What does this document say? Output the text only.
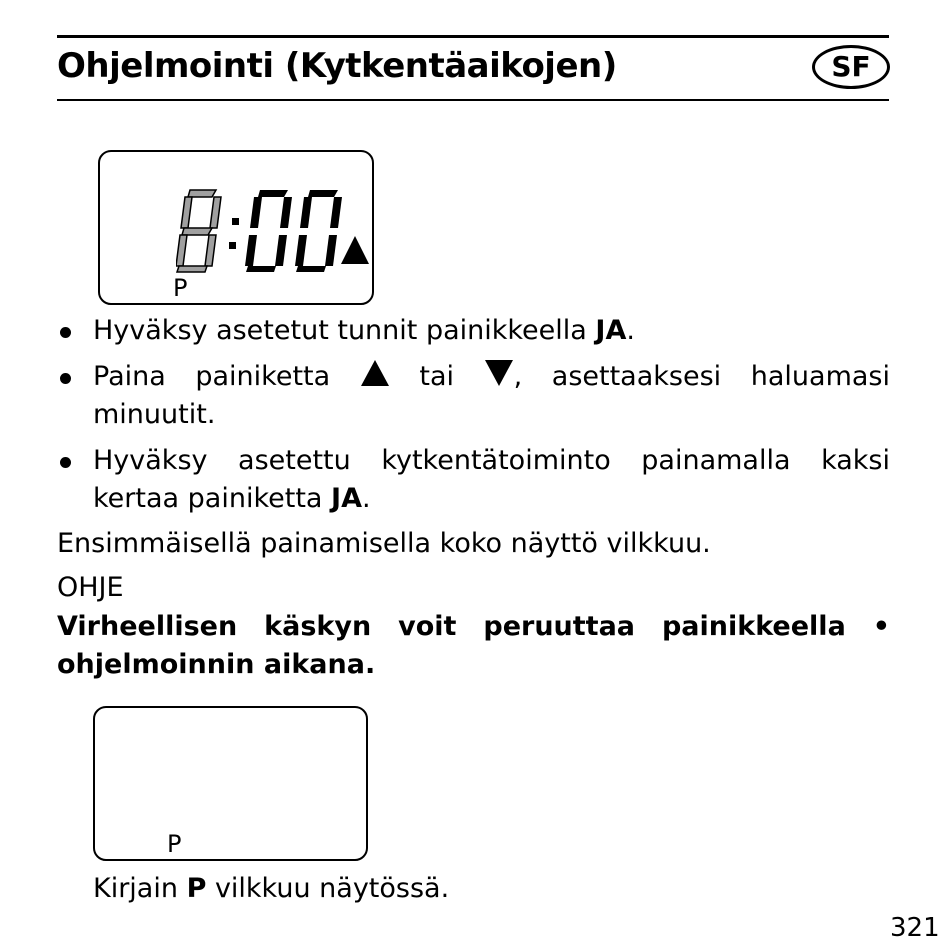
Ohjelmointi (Kytkentäaikojen)	SF
8:00
P
Hyväksy asetetut tunnit painikkeella JA.
Paina painiketta  tai , asettaaksesi haluamasi minuutit.
Hyväksy asetettu kytkentätoiminto painamalla kaksi kertaa painiketta JA.
Ensimmäisellä painamisella koko näyttö vilkkuu.
OHJE
Virheellisen käskyn voit peruuttaa painikkeella • ohjelmoinnin aikana.
P
Kirjain P vilkkuu näytössä.
321
